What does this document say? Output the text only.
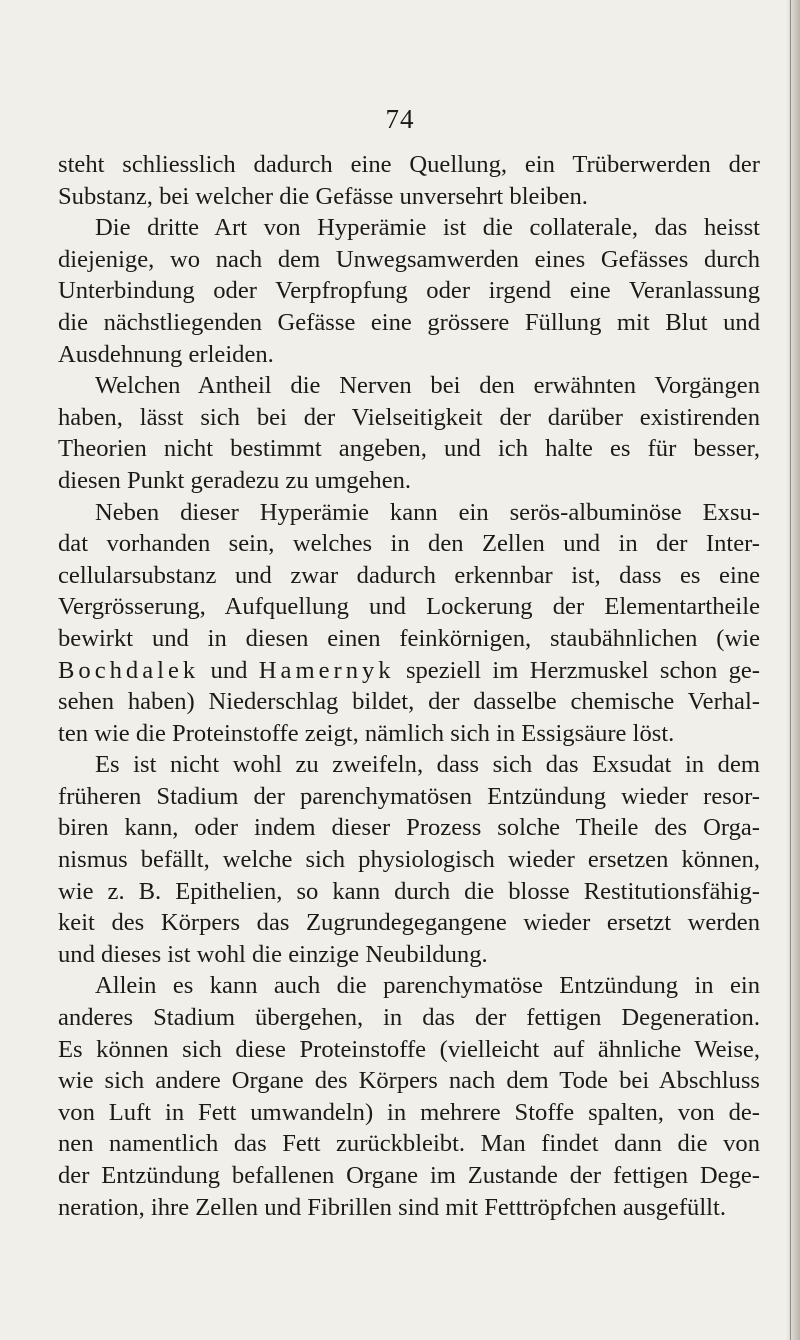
74
steht schliesslich dadurch eine Quellung, ein Trüberwerden der
Substanz, bei welcher die Gefässe unversehrt bleiben.
Die dritte Art von Hyperämie ist die collaterale, das heisst
diejenige, wo nach dem Unwegsamwerden eines Gefässes durch
Unterbindung oder Verpfropfung oder irgend eine Veranlassung
die nächstliegenden Gefässe eine grössere Füllung mit Blut und
Ausdehnung erleiden.
Welchen Antheil die Nerven bei den erwähnten Vorgängen
haben, lässt sich bei der Vielseitigkeit der darüber existirenden
Theorien nicht bestimmt angeben, und ich halte es für besser,
diesen Punkt geradezu zu umgehen.
Neben dieser Hyperämie kann ein serös-albuminöse Exsu-
dat vorhanden sein, welches in den Zellen und in der Inter-
cellularsubstanz und zwar dadurch erkennbar ist, dass es eine
Vergrösserung, Aufquellung und Lockerung der Elementartheile
bewirkt und in diesen einen feinkörnigen, staubähnlichen (wie
Bochdalek und Hamernyk speziell im Herzmuskel schon ge-
sehen haben) Niederschlag bildet, der dasselbe chemische Verhal-
ten wie die Proteinstoffe zeigt, nämlich sich in Essigsäure löst.
Es ist nicht wohl zu zweifeln, dass sich das Exsudat in dem
früheren Stadium der parenchymatösen Entzündung wieder resor-
biren kann, oder indem dieser Prozess solche Theile des Orga-
nismus befällt, welche sich physiologisch wieder ersetzen können,
wie z. B. Epithelien, so kann durch die blosse Restitutionsfähig-
keit des Körpers das Zugrundegegangene wieder ersetzt werden
und dieses ist wohl die einzige Neubildung.
Allein es kann auch die parenchymatöse Entzündung in ein
anderes Stadium übergehen, in das der fettigen Degeneration.
Es können sich diese Proteinstoffe (vielleicht auf ähnliche Weise,
wie sich andere Organe des Körpers nach dem Tode bei Abschluss
von Luft in Fett umwandeln) in mehrere Stoffe spalten, von de-
nen namentlich das Fett zurückbleibt. Man findet dann die von
der Entzündung befallenen Organe im Zustande der fettigen Dege-
neration, ihre Zellen und Fibrillen sind mit Fetttröpfchen ausgefüllt.
